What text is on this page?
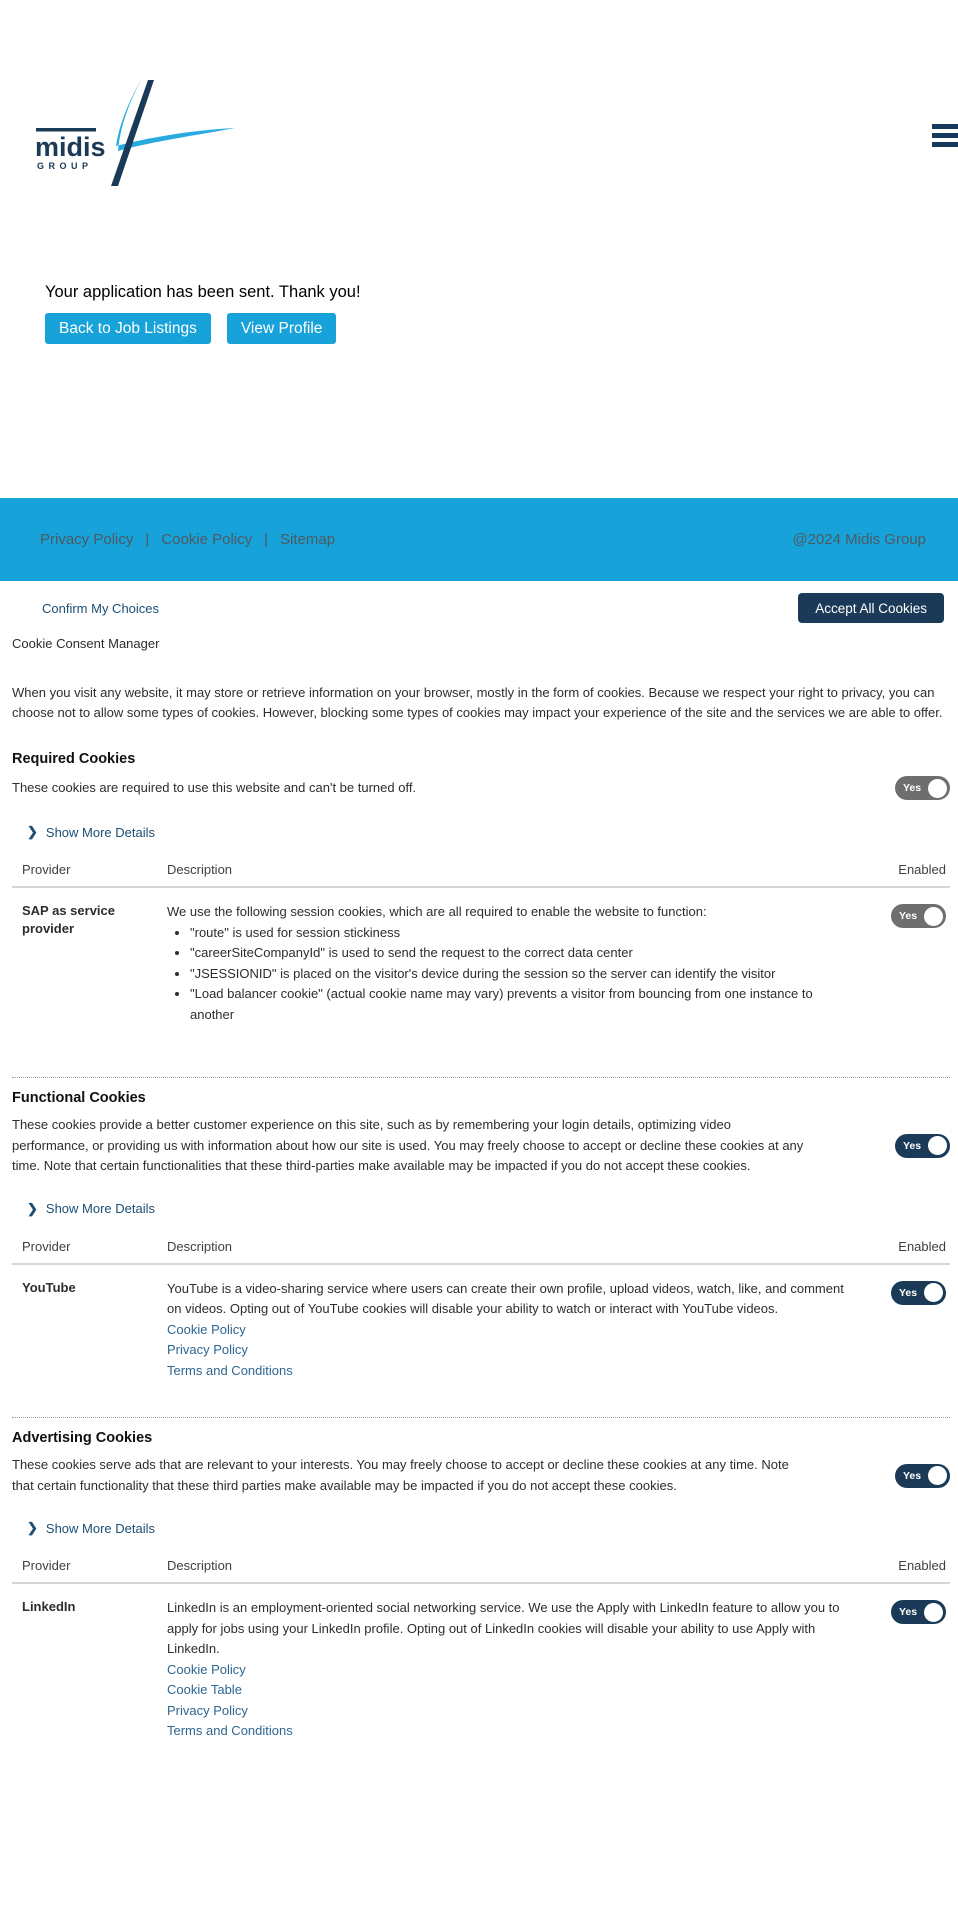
midis
GROUP

Your application has been sent. Thank you!

Back to Job Listings	View Profile
Privacy Policy | Cookie Policy | Sitemap	@2024 Midis Group
Confirm My Choices	Accept All Cookies
Cookie Consent Manager

When you visit any website, it may store or retrieve information on your browser, mostly in the form of cookies. Because we respect your right to privacy, you can choose not to allow some types of cookies. However, blocking some types of cookies may impact your experience of the site and the services we are able to offer.

Required Cookies

These cookies are required to use this website and can't be turned off.	Yes
❯ Show More Details
Provider	Description	Enabled
SAP as service provider

We use the following session cookies, which are all required to enable the website to function:

• "route" is used for session stickiness
• "careerSiteCompanyId" is used to send the request to the correct data center
• "JSESSIONID" is placed on the visitor's device during the session so the server can identify the visitor
• "Load balancer cookie" (actual cookie name may vary) prevents a visitor from bouncing from one instance to another
Yes
Functional Cookies

These cookies provide a better customer experience on this site, such as by remembering your login details, optimizing video performance, or providing us with information about how our site is used. You may freely choose to accept or decline these cookies at any time. Note that certain functionalities that these third-parties make available may be impacted if you do not accept these cookies.

Yes
❯ Show More Details
Provider	Description	Enabled
YouTube	YouTube is a video-sharing service where users can create their own profile, upload videos, watch, like, and comment on videos. Opting out of YouTube cookies will disable your ability to watch or interact with YouTube videos.

Cookie Policy
Privacy Policy
Terms and Conditions
Yes
Advertising Cookies

These cookies serve ads that are relevant to your interests. You may freely choose to accept or decline these cookies at any time. Note that certain functionality that these third parties make available may be impacted if you do not accept these cookies.

Yes
❯ Show More Details
Provider	Description	Enabled
LinkedIn	LinkedIn is an employment-oriented social networking service. We use the Apply with LinkedIn feature to allow you to apply for jobs using your LinkedIn profile. Opting out of LinkedIn cookies will disable your ability to use Apply with LinkedIn.

Cookie Policy
Cookie Table
Privacy Policy
Terms and Conditions
Yes
